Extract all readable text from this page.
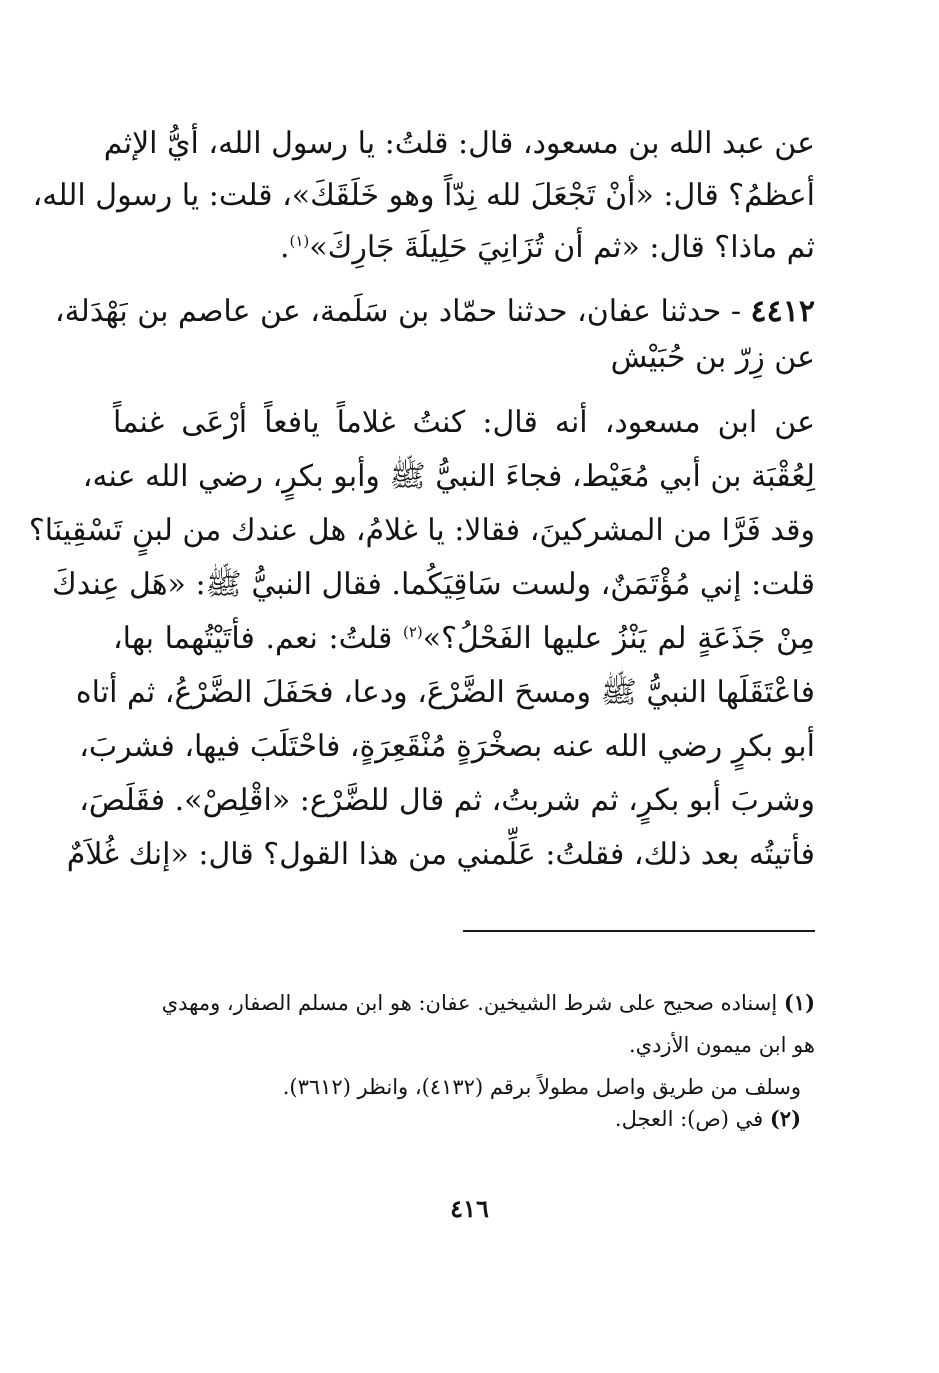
عن عبد الله بن مسعود، قال: قلتُ: يا رسول الله، أيُّ الإثم
أعظمُ؟ قال: «أنْ تَجْعَلَ لله نِدّاً وهو خَلَقَكَ»، قلت: يا رسول الله،
ثم ماذا؟ قال: «ثم أن تُزَانِيَ حَلِيلَةَ جَارِكَ»$^{(١)}$.
٤٤١٢ - حدثنا عفان، حدثنا حمّاد بن سَلَمة، عن عاصم بن بَهْدَلة،
عن زِرّ بن حُبَيْش
عن ابن مسعود، أنه قال: كنتُ غلاماً يافعاً أرْعَى غنماً
لِعُقْبَة بن أبي مُعَيْط، فجاءَ النبيُّ ﷺ وأبو بكرٍ، رضي الله عنه،
وقد فَرَّا من المشركينَ، فقالا: يا غلامُ، هل عندك من لبنٍ تَسْقِينَا؟
قلت: إني مُؤْتَمَنٌ، ولست سَاقِيَكُما. فقال النبيُّ ﷺ: «هَل عِندكَ
مِنْ جَذَعَةٍ لم يَنْزُ عليها الفَحْلُ؟»$^{(٢)}$ قلتُ: نعم. فأتَيْتُهما بها،
فاعْتَقَلَها النبيُّ ﷺ ومسحَ الضَّرْعَ، ودعا، فحَفَلَ الضَّرْعُ، ثم أتاه
أبو بكرٍ رضي الله عنه بصخْرَةٍ مُنْقَعِرَةٍ، فاحْتَلَبَ فيها، فشربَ،
وشربَ أبو بكرٍ، ثم شربتُ، ثم قال للضَّرْع: «اقْلِصْ». فقَلَصَ،
فأتيتُه بعد ذلك، فقلتُ: عَلِّمني من هذا القول؟ قال: «إنك غُلاَمٌ
(١) إسناده صحيح على شرط الشيخين. عفان: هو ابن مسلم الصفار، ومهدي
هو ابن ميمون الأزدي.
وسلف من طريق واصل مطولاً برقم (٤١٣٢)، وانظر (٣٦١٢).
(٢) في (ص): العجل.
٤١٦
